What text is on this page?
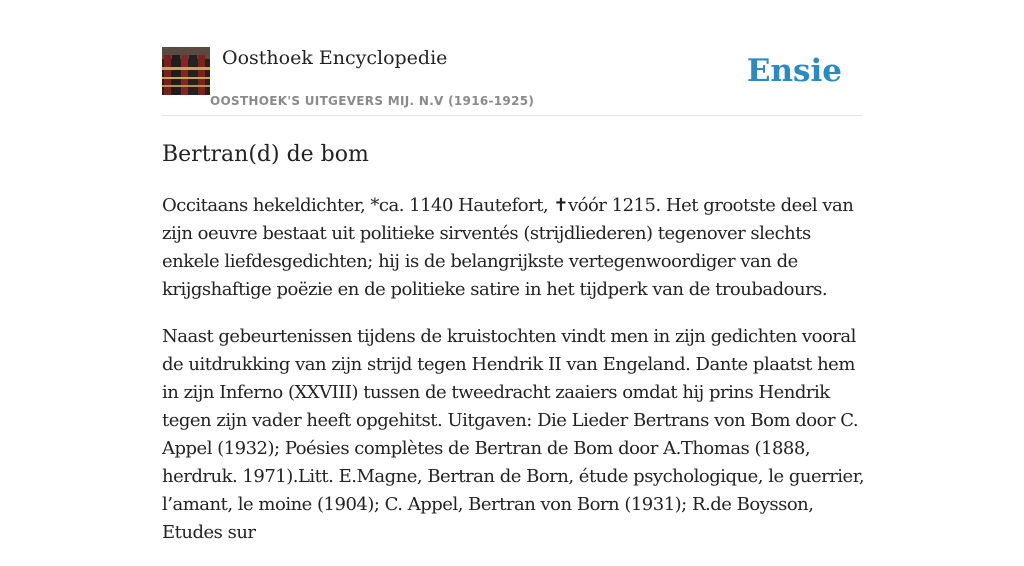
Oosthoek Encyclopedie
OOSTHOEK'S UITGEVERS MIJ. N.V (1916-1925)
Ensie
Bertran(d) de bom

Occitaans hekeldichter, *ca. 1140 Hautefort, ✝vóór 1215. Het grootste deel van zijn oeuvre bestaat uit politieke sirventés (strijdliederen) tegenover slechts enkele liefdesgedichten; hij is de belangrijkste vertegenwoordiger van de krijgshaftige poëzie en de politieke satire in het tijdperk van de troubadours.

Naast gebeurtenissen tijdens de kruistochten vindt men in zijn gedichten vooral de uitdrukking van zijn strijd tegen Hendrik II van Engeland. Dante plaatst hem in zijn Inferno (XXVIII) tussen de tweedracht zaaiers omdat hij prins Hendrik tegen zijn vader heeft opgehitst. Uitgaven: Die Lieder Bertrans von Bom door C. Appel (1932); Poésies complètes de Bertran de Bom door A.Thomas (1888, herdruk. 1971).Litt. E.Magne, Bertran de Born, étude psychologique, le guerrier, l’amant, le moine (1904); C. Appel, Bertran von Born (1931); R.de Boysson, Etudes sur
